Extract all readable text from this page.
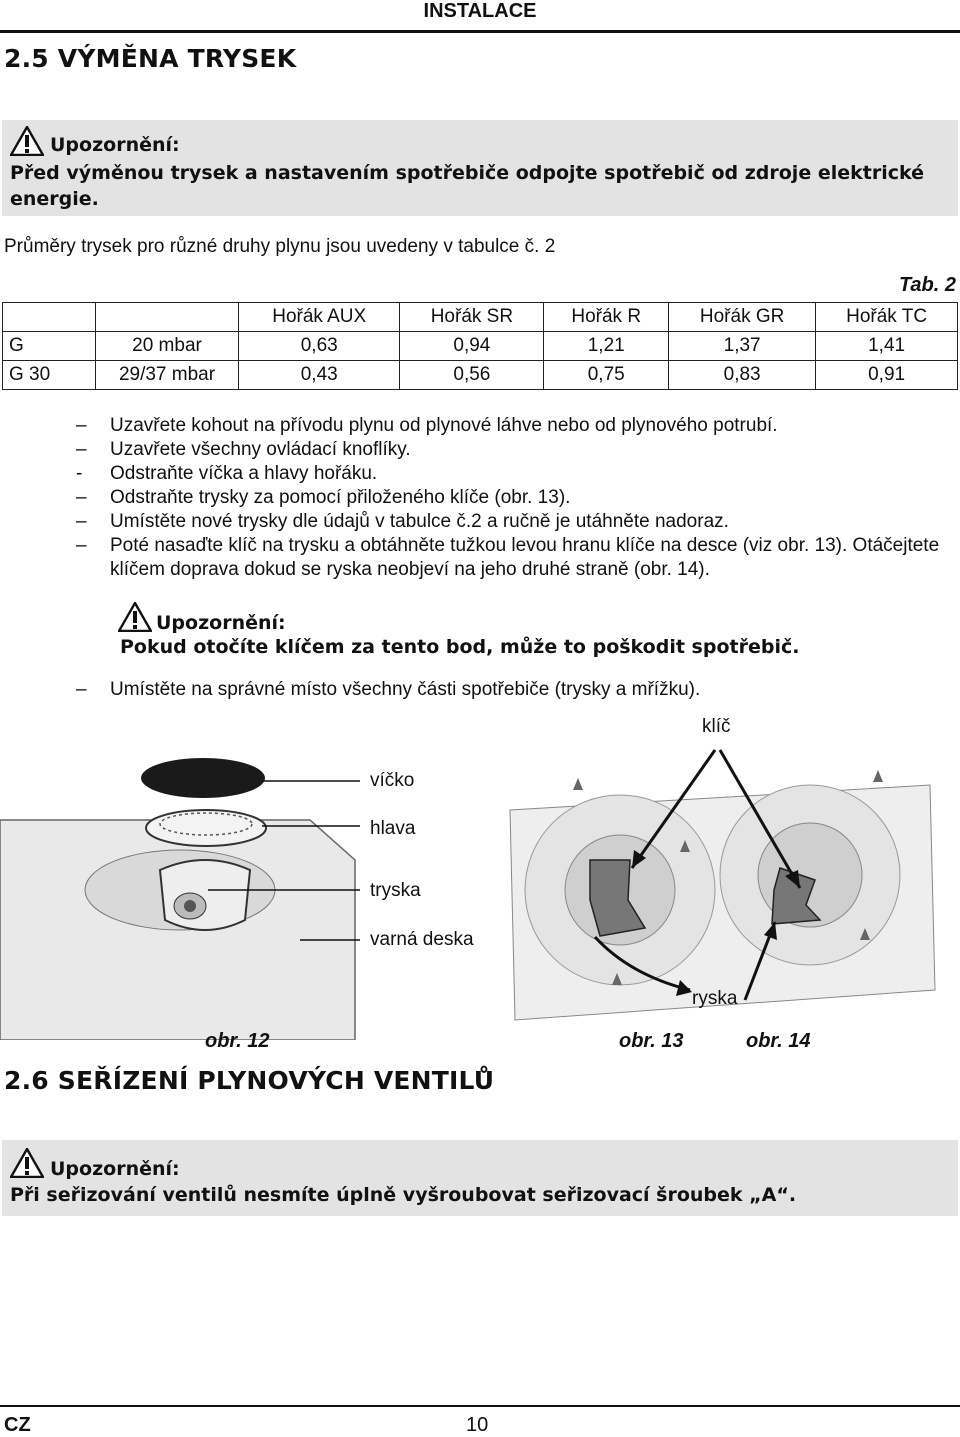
INSTALACE
2.5 VÝMĚNA TRYSEK
Upozornění:
Před výměnou trysek a nastavením spotřebiče odpojte spotřebič od zdroje elektrické energie.
Průměry trysek pro různé druhy plynu jsou uvedeny v tabulce č. 2
Tab. 2
		Hořák AUX	Hořák SR	Hořák R	Hořák GR	Hořák TC
G	20 mbar	0,63	0,94	1,21	1,37	1,41
G 30	29/37 mbar	0,43	0,56	0,75	0,83	0,91
–	Uzavřete kohout na přívodu plynu od plynové láhve nebo od plynového potrubí.
–	Uzavřete všechny ovládací knoflíky.
-	Odstraňte víčka a hlavy hořáku.
–	Odstraňte trysky za pomocí přiloženého klíče (obr. 13).
–	Umístěte nové trysky dle údajů v tabulce č.2 a ručně je utáhněte nadoraz.
–	Poté nasaďte klíč na trysku a obtáhněte tužkou levou hranu klíče na desce (viz obr. 13). Otáčejtete klíčem doprava dokud se ryska neobjeví na jeho druhé straně (obr. 14).
Upozornění:
Pokud otočíte klíčem za tento bod, může to poškodit spotřebič.
–	Umístěte na správné místo všechny části spotřebiče (trysky a mřížku).
klíč
víčko
hlava
tryska
varná deska
ryska
obr. 12	obr. 13	obr. 14
2.6 SEŘÍZENÍ PLYNOVÝCH VENTILŮ
Upozornění:
Při seřizování ventilů nesmíte úplně vyšroubovat seřizovací šroubek „A“.
CZ	10
